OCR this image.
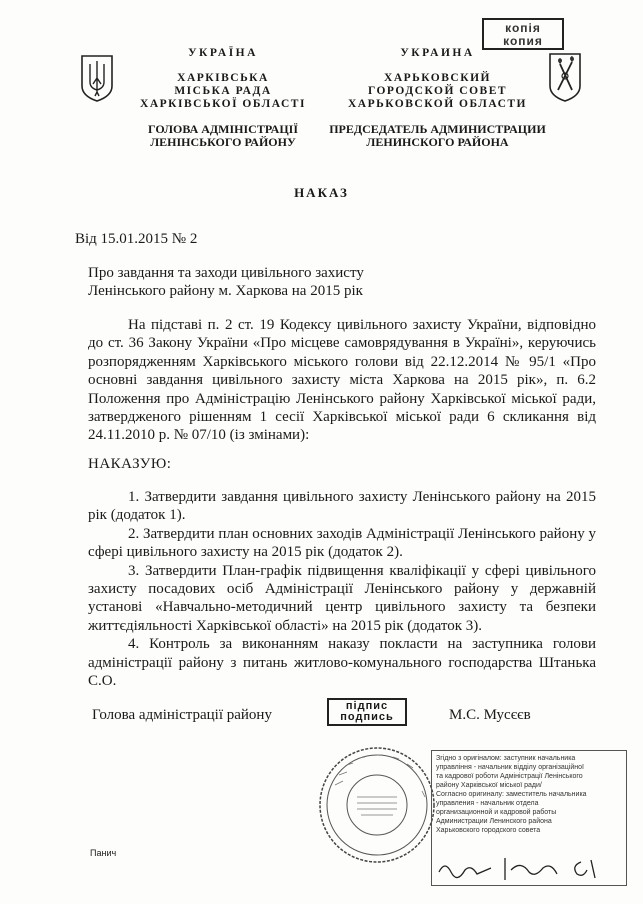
УКРАЇНА
ХАРКІВСЬКА
МІСЬКА РАДА
ХАРКІВСЬКОЇ ОБЛАСТІ
ГОЛОВА АДМІНІСТРАЦІЇ
ЛЕНІНСЬКОГО РАЙОНУ
УКРАИНА
ХАРЬКОВСКИЙ
ГОРОДСКОЙ СОВЕТ
ХАРЬКОВСКОЙ ОБЛАСТИ
ПРЕДСЕДАТЕЛЬ АДМИНИСТРАЦИИ
ЛЕНИНСКОГО РАЙОНА
копія
копия
НАКАЗ
Від 15.01.2015 № 2
Про завдання та заходи цивільного захисту
Ленінського району м. Харкова на 2015 рік
На підставі п. 2 ст. 19 Кодексу цивільного захисту України, відповідно до ст. 36 Закону України «Про місцеве самоврядування в Україні», керуючись розпорядженням Харківського міського голови від 22.12.2014 № 95/1 «Про основні завдання цивільного захисту міста Харкова на 2015 рік», п. 6.2 Положення про Адміністрацію Ленінського району Харківської міської ради, затвердженого рішенням 1 сесії Харківської міської ради 6 скликання від 24.11.2010 р. № 07/10 (із змінами):
НАКАЗУЮ:

1. Затвердити завдання цивільного захисту Ленінського району на 2015 рік (додаток 1).

2. Затвердити план основних заходів Адміністрації Ленінського району у сфері цивільного захисту на 2015 рік (додаток 2).

3. Затвердити План-графік підвищення кваліфікації у сфері цивільного захисту посадових осіб Адміністрації Ленінського району у державній установі «Навчально-методичний центр цивільного захисту та безпеки життєдіяльності Харківської області» на 2015 рік (додаток 3).

4. Контроль за виконанням наказу покласти на заступника голови адміністрації району з питань житлово-комунального господарства Штанька С.О.

Голова адміністрації району
підпис
подпись	М.С. Мусєєв
Згідно з оригіналом: заступник начальника
управління - начальник відділу організаційної
та кадрової роботи Адміністрації Ленінського
району Харківської міської ради/
Согласно оригиналу: заместитель начальника
управления - начальник отдела
организационной и кадровой работы
Администрации Ленинского района
Харьковского городского совета
Панич
